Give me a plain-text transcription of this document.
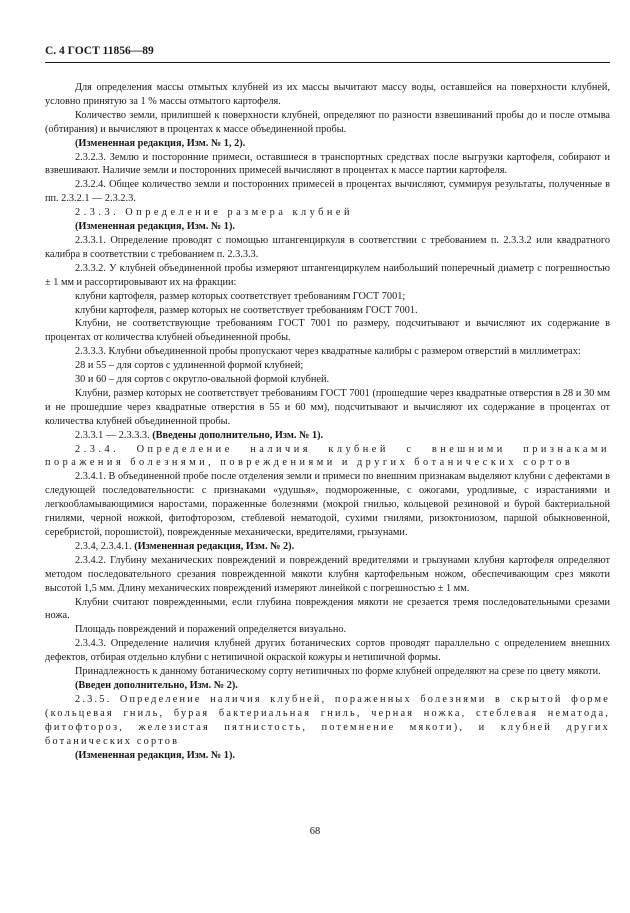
С. 4 ГОСТ 11856—89

Для определения массы отмытых клубней из их массы вычитают массу воды, оставшейся на поверхности клубней, условно принятую за 1 % массы отмытого картофеля.

Количество земли, прилипшей к поверхности клубней, определяют по разности взвешиваний пробы до и после отмыва (обтирания) и вычисляют в процентах к массе объединенной пробы.

(Измененная редакция, Изм. № 1, 2).

2.3.2.3. Землю и посторонние примеси, оставшиеся в транспортных средствах после выгрузки картофеля, собирают и взвешивают. Наличие земли и посторонних примесей вычисляют в процентах к массе партии картофеля.

2.3.2.4. Общее количество земли и посторонних примесей в процентах вычисляют, суммируя результаты, полученные в пп. 2.3.2.1 — 2.3.2.3.

2.3.3. Определение размера клубней

(Измененная редакция, Изм. № 1).

2.3.3.1. Определение проводят с помощью штангенциркуля в соответствии с требованием п. 2.3.3.2 или квадратного калибра в соответствии с требованием п. 2.3.3.3.

2.3.3.2. У клубней объединенной пробы измеряют штангенциркулем наибольший поперечный диаметр с погрешностью ± 1 мм и рассортировывают их на фракции:

клубни картофеля, размер которых соответствует требованиям ГОСТ 7001;

клубни картофеля, размер которых не соответствует требованиям ГОСТ 7001.

Клубни, не соответствующие требованиям ГОСТ 7001 по размеру, подсчитывают и вычисляют их содержание в процентах от количества клубней объединенной пробы.

2.3.3.3. Клубни объединенной пробы пропускают через квадратные калибры с размером отверстий в миллиметрах:

28 и 55 – для сортов с удлиненной формой клубней;

30 и 60 – для сортов с округло-овальной формой клубней.

Клубни, размер которых не соответствует требованиям ГОСТ 7001 (прошедшие через квадратные отверстия в 28 и 30 мм и не прошедшие через квадратные отверстия в 55 и 60 мм), подсчитывают и вычисляют их содержание в процентах от количества клубней объединенной пробы.

2.3.3.1 — 2.3.3.3. (Введены дополнительно, Изм. № 1).

2.3.4. Определение наличия клубней с внешними признаками поражения болезнями, повреждениями и других ботанических сортов

2.3.4.1. В объединенной пробе после отделения земли и примеси по внешним признакам выделяют клубни с дефектами в следующей последовательности: с признаками «удушья», подмороженные, с ожогами, уродливые, с израстаниями и легкообламывающимися наростами, пораженные болезнями (мокрой гнилью, кольцевой резиновой и бурой бактериальной гнилями, черной ножкой, фитофторозом, стеблевой нематодой, сухими гнилями, ризоктониозом, паршой обыкновенной, серебристой, порошистой), поврежденные механически, вредителями, грызунами.

2.3.4, 2.3.4.1. (Измененная редакция, Изм. № 2).

2.3.4.2. Глубину механических повреждений и повреждений вредителями и грызунами клубня картофеля определяют методом последовательного срезания поврежденной мякоти клубня картофельным ножом, обеспечивающим срез мякоти высотой 1,5 мм. Длину механических повреждений измеряют линейкой с погрешностью ± 1 мм.

Клубни считают поврежденными, если глубина повреждения мякоти не срезается тремя последовательными срезами ножа.

Площадь повреждений и поражений определяется визуально.

2.3.4.3. Определение наличия клубней других ботанических сортов проводят параллельно с определением внешних дефектов, отбирая отдельно клубни с нетипичной окраской кожуры и нетипичной формы.

Принадлежность к данному ботаническому сорту нетипичных по форме клубней определяют на срезе по цвету мякоти.

(Введен дополнительно, Изм. № 2).

2.3.5. Определение наличия клубней, пораженных болезнями в скрытой форме (кольцевая гниль, бурая бактериальная гниль, черная ножка, стеблевая нематода, фитофтороз, железистая пятнистость, потемнение мякоти), и клубней других ботанических сортов

(Измененная редакция, Изм. № 1).

68
